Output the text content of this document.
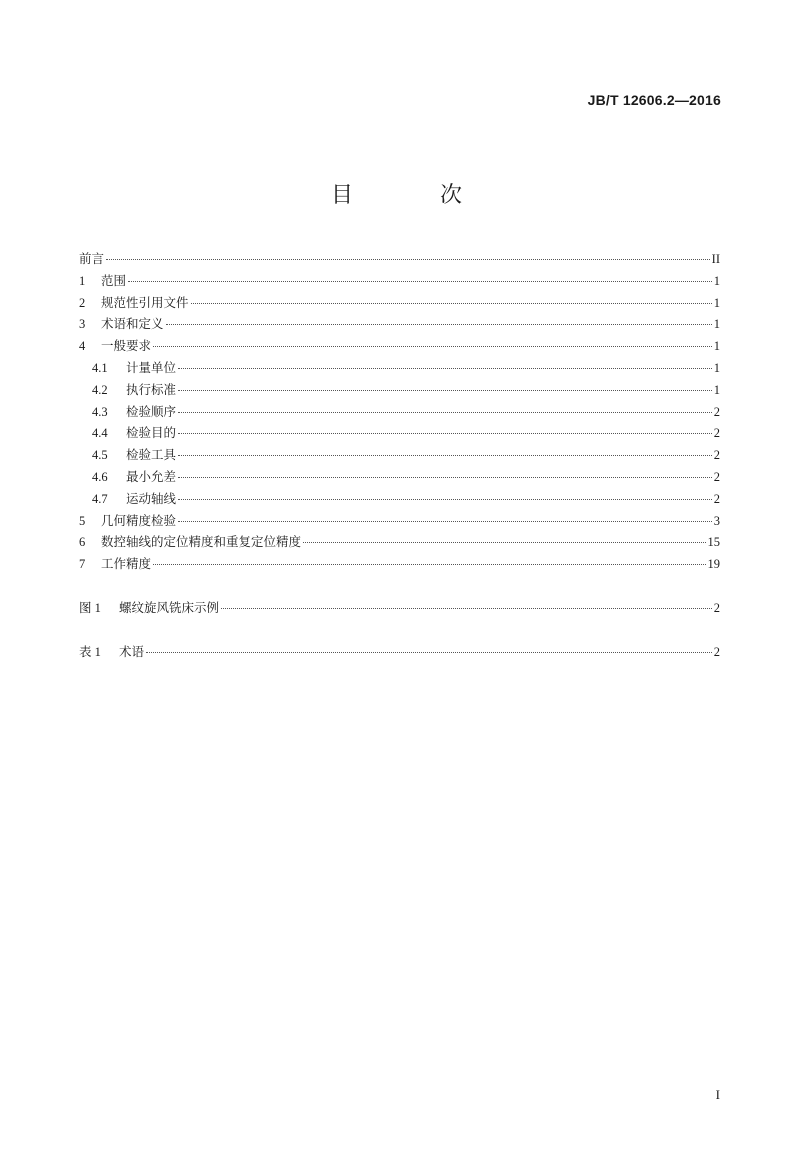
JB/T 12606.2—2016
目 次
前言	II
1	范围	1
2	规范性引用文件	1
3	术语和定义	1
4	一般要求	1
4.1	计量单位	1
4.2	执行标准	1
4.3	检验顺序	2
4.4	检验目的	2
4.5	检验工具	2
4.6	最小允差	2
4.7	运动轴线	2
5	几何精度检验	3
6	数控轴线的定位精度和重复定位精度	15
7	工作精度	19
图 1	螺纹旋风铣床示例	2
表 1	术语	2
I
